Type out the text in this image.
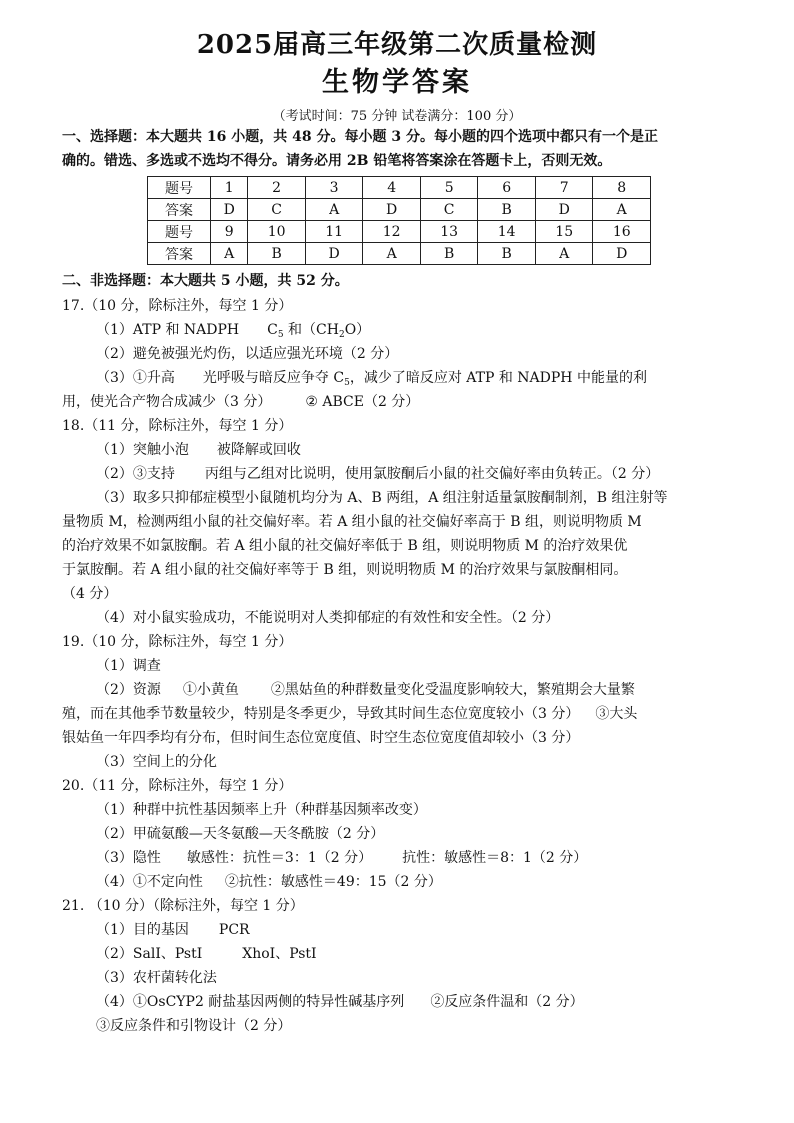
2025届高三年级第二次质量检测
生物学答案
（考试时间：75 分钟 试卷满分：100 分）
一、选择题：本大题共 16 小题，共 48 分。每小题 3 分。每小题的四个选项中都只有一个是正
确的。错选、多选或不选均不得分。请务必用 2B 铅笔将答案涂在答题卡上，否则无效。
题号	1	2	3	4	5	6	7	8
答案	D	C	A	D	C	B	D	A
题号	9	10	11	12	13	14	15	16
答案	A	B	D	A	B	B	A	D
二、非选择题：本大题共 5 小题，共 52 分。
17.（10 分，除标注外，每空 1 分）
（1）ATP 和 NADPH $C_5$ 和$(CH_2O)$
（2）避免被强光灼伤，以适应强光环境（2 分）
（3）①升高 光呼吸与暗反应争夺 $C_5$，减少了暗反应对 ATP 和 NADPH 中能量的利
用，使光合产物合成减少（3 分） ② ABCE（2 分）
18.（11 分，除标注外，每空 1 分）
（1）突触小泡 被降解或回收
（2）③支持 丙组与乙组对比说明，使用氯胺酮后小鼠的社交偏好率由负转正。（2 分）
（3）取多只抑郁症模型小鼠随机均分为 A、B 两组，A 组注射适量氯胺酮制剂，B 组注射等
量物质 M，检测两组小鼠的社交偏好率。若 A 组小鼠的社交偏好率高于 B 组，则说明物质 M
的治疗效果不如氯胺酮。若 A 组小鼠的社交偏好率低于 B 组，则说明物质 M 的治疗效果优
于氯胺酮。若 A 组小鼠的社交偏好率等于 B 组，则说明物质 M 的治疗效果与氯胺酮相同。
（4 分）
（4）对小鼠实验成功，不能说明对人类抑郁症的有效性和安全性。（2 分）
19.（10 分，除标注外，每空 1 分）
（1）调查
（2）资源 ①小黄鱼 ②黑姑鱼的种群数量变化受温度影响较大，繁殖期会大量繁
殖，而在其他季节数量较少，特别是冬季更少，导致其时间生态位宽度较小（3 分） ③大头
银姑鱼一年四季均有分布，但时间生态位宽度值、时空生态位宽度值却较小（3 分）
（3）空间上的分化
20.（11 分，除标注外，每空 1 分）
（1）种群中抗性基因频率上升（种群基因频率改变）
（2）甲硫氨酸—天冬氨酸—天冬酰胺（2 分）
（3）隐性 敏感性：抗性＝3：1（2 分） 抗性：敏感性＝8：1（2 分）
（4）①不定向性 ②抗性：敏感性＝49：15（2 分）
21. （10 分）（除标注外，每空 1 分）
（1）目的基因 PCR
（2）SalI、PstI	XhoI、PstI
（3）农杆菌转化法
（4）①OsCYP2 耐盐基因两侧的特异性碱基序列 ②反应条件温和（2 分）
③反应条件和引物设计（2 分）
